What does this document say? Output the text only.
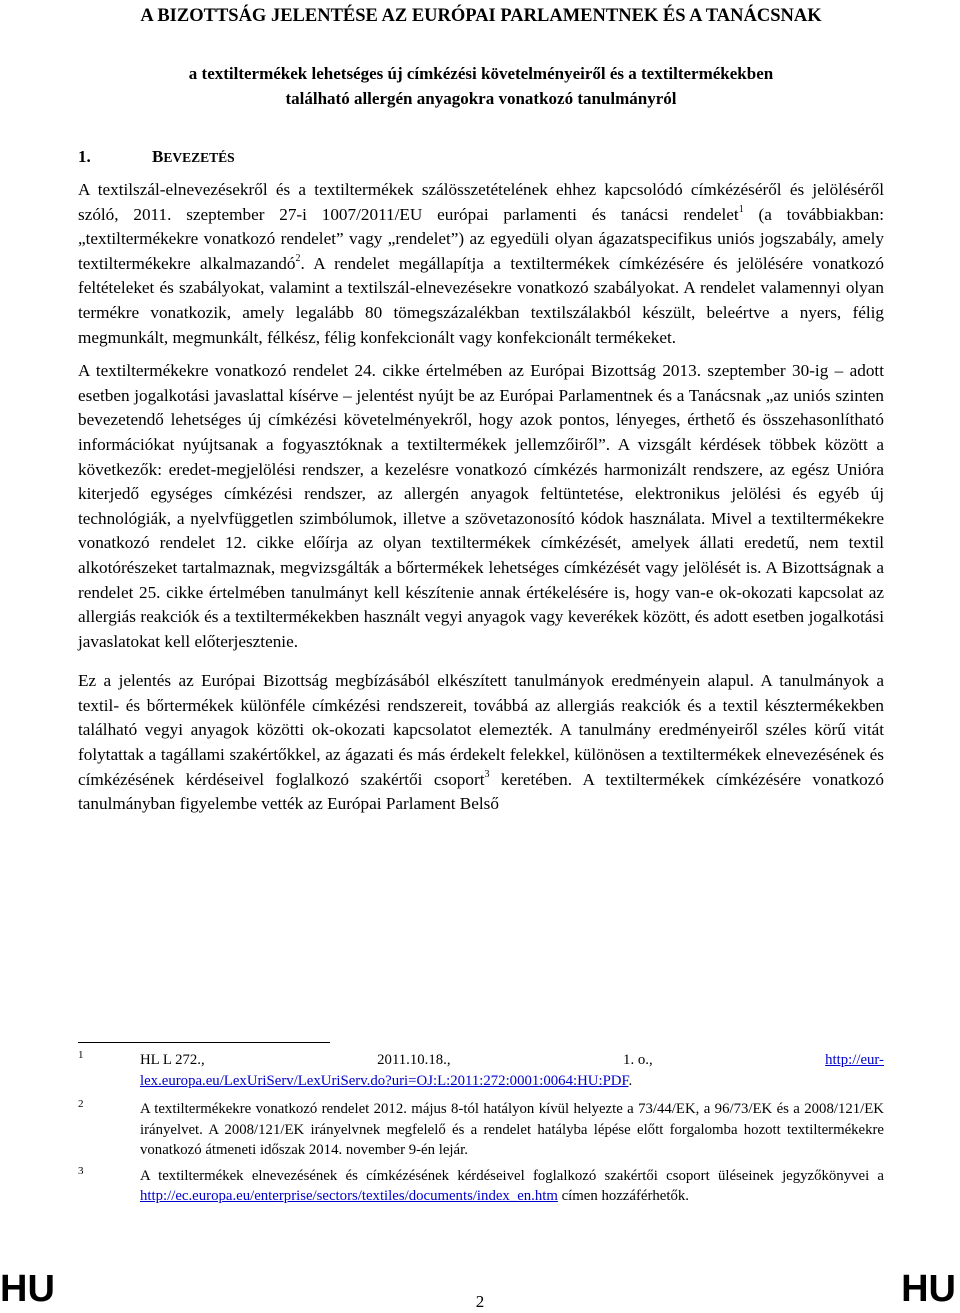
A BIZOTTSÁG JELENTÉSE AZ EURÓPAI PARLAMENTNEK ÉS A TANÁCSNAK
a textiltermékek lehetséges új címkézési követelményeiről és a textiltermékekben
található allergén anyagokra vonatkozó tanulmányról
1.	BEVEZETÉS

A textilszál-elnevezésekről és a textiltermékek szálösszetételének ehhez kapcsolódó címkézéséről és jelöléséről szóló, 2011. szeptember 27-i 1007/2011/EU európai parlamenti és tanácsi rendelet$^1$ (a továbbiakban: „textiltermékekre vonatkozó rendelet” vagy „rendelet”) az egyedüli olyan ágazatspecifikus uniós jogszabály, amely textiltermékekre alkalmazandó$^2$. A rendelet megállapítja a textiltermékek címkézésére és jelölésére vonatkozó feltételeket és szabályokat, valamint a textilszál-elnevezésekre vonatkozó szabályokat. A rendelet valamennyi olyan termékre vonatkozik, amely legalább 80 tömegszázalékban textilszálakból készült, beleértve a nyers, félig megmunkált, megmunkált, félkész, félig konfekcionált vagy konfekcionált termékeket.

A textiltermékekre vonatkozó rendelet 24. cikke értelmében az Európai Bizottság 2013. szeptember 30-ig – adott esetben jogalkotási javaslattal kísérve – jelentést nyújt be az Európai Parlamentnek és a Tanácsnak „az uniós szinten bevezetendő lehetséges új címkézési követelményekről, hogy azok pontos, lényeges, érthető és összehasonlítható információkat nyújtsanak a fogyasztóknak a textiltermékek jellemzőiről”. A vizsgált kérdések többek között a következők: eredet-megjelölési rendszer, a kezelésre vonatkozó címkézés harmonizált rendszere, az egész Unióra kiterjedő egységes címkézési rendszer, az allergén anyagok feltüntetése, elektronikus jelölési és egyéb új technológiák, a nyelvfüggetlen szimbólumok, illetve a szövetazonosító kódok használata. Mivel a textiltermékekre vonatkozó rendelet 12. cikke előírja az olyan textiltermékek címkézését, amelyek állati eredetű, nem textil alkotórészeket tartalmaznak, megvizsgálták a bőrtermékek lehetséges címkézését vagy jelölését is. A Bizottságnak a rendelet 25. cikke értelmében tanulmányt kell készítenie annak értékelésére is, hogy van-e ok-okozati kapcsolat az allergiás reakciók és a textiltermékekben használt vegyi anyagok vagy keverékek között, és adott esetben jogalkotási javaslatokat kell előterjesztenie.

Ez a jelentés az Európai Bizottság megbízásából elkészített tanulmányok eredményein alapul. A tanulmányok a textil- és bőrtermékek különféle címkézési rendszereit, továbbá az allergiás reakciók és a textil késztermékekben található vegyi anyagok közötti ok-okozati kapcsolatot elemezték. A tanulmány eredményeiről széles körű vitát folytattak a tagállami szakértőkkel, az ágazati és más érdekelt felekkel, különösen a textiltermékek elnevezésének és címkézésének kérdéseivel foglalkozó szakértői csoport$^3$ keretében. A textiltermékek címkézésére vonatkozó tanulmányban figyelembe vették az Európai Parlament Belső

1	HL L 272.,	2011.10.18.,	1. o.,	http://eur-
lex.europa.eu/LexUriServ/LexUriServ.do?uri=OJ:L:2011:272:0001:0064:HU:PDF.
2	A textiltermékekre vonatkozó rendelet 2012. május 8-tól hatályon kívül helyezte a 73/44/EK, a 96/73/EK és a 2008/121/EK irányelvet. A 2008/121/EK irányelvnek megfelelő és a rendelet hatályba lépése előtt forgalomba hozott textiltermékekre vonatkozó átmeneti időszak 2014. november 9-én lejár.
3	A textiltermékek elnevezésének és címkézésének kérdéseivel foglalkozó szakértői csoport üléseinek jegyzőkönyvei a http://ec.europa.eu/enterprise/sectors/textiles/documents/index_en.htm címen hozzáférhetők.
HU	2	HU
